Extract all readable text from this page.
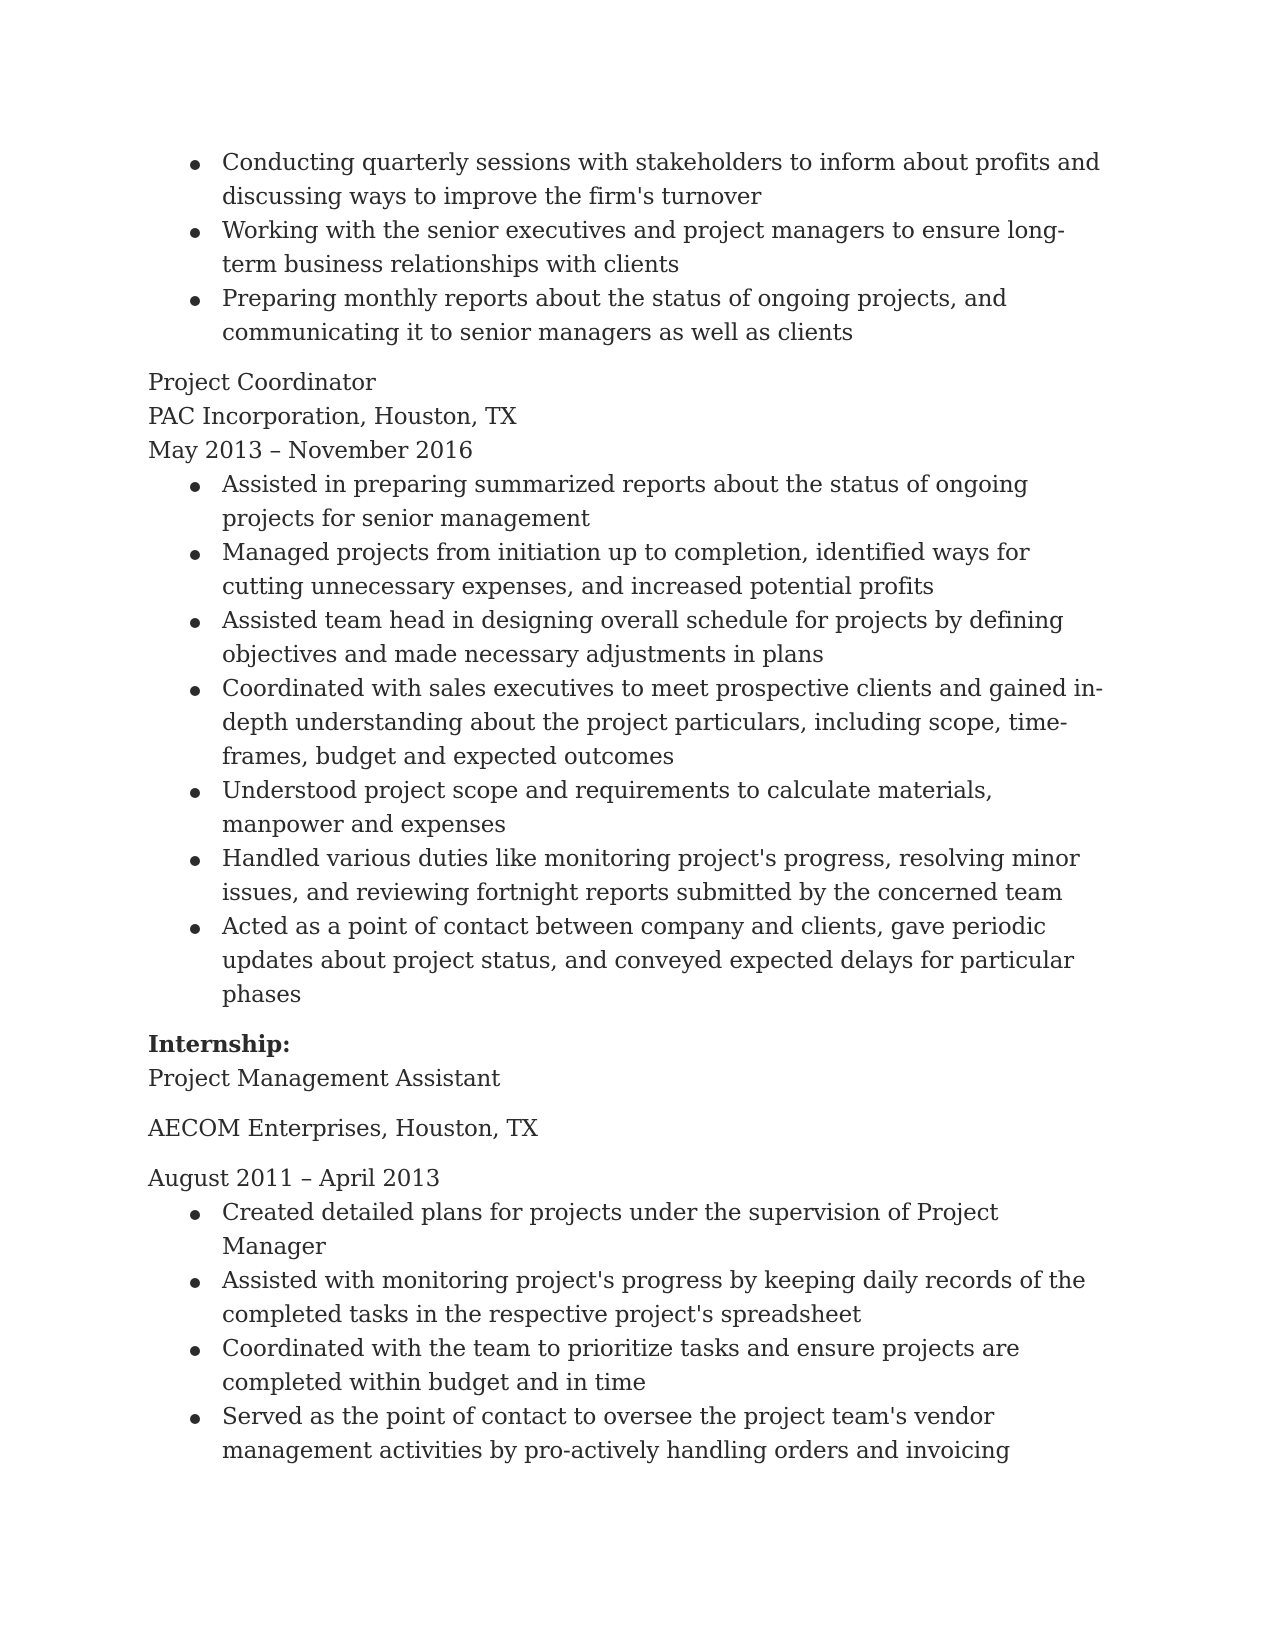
Conducting quarterly sessions with stakeholders to inform about profits and discussing ways to improve the firm's turnover
Working with the senior executives and project managers to ensure long-term business relationships with clients
Preparing monthly reports about the status of ongoing projects, and communicating it to senior managers as well as clients
Project Coordinator
PAC Incorporation, Houston, TX
May 2013 – November 2016
Assisted in preparing summarized reports about the status of ongoing projects for senior management
Managed projects from initiation up to completion, identified ways for cutting unnecessary expenses, and increased potential profits
Assisted team head in designing overall schedule for projects by defining objectives and made necessary adjustments in plans
Coordinated with sales executives to meet prospective clients and gained in-depth understanding about the project particulars, including scope, time-frames, budget and expected outcomes
Understood project scope and requirements to calculate materials, manpower and expenses
Handled various duties like monitoring project's progress, resolving minor issues, and reviewing fortnight reports submitted by the concerned team
Acted as a point of contact between company and clients, gave periodic updates about project status, and conveyed expected delays for particular phases
Internship:
Project Management Assistant
AECOM Enterprises, Houston, TX
August 2011 – April 2013
Created detailed plans for projects under the supervision of Project Manager
Assisted with monitoring project's progress by keeping daily records of the completed tasks in the respective project's spreadsheet
Coordinated with the team to prioritize tasks and ensure projects are completed within budget and in time
Served as the point of contact to oversee the project team's vendor management activities by pro-actively handling orders and invoicing
